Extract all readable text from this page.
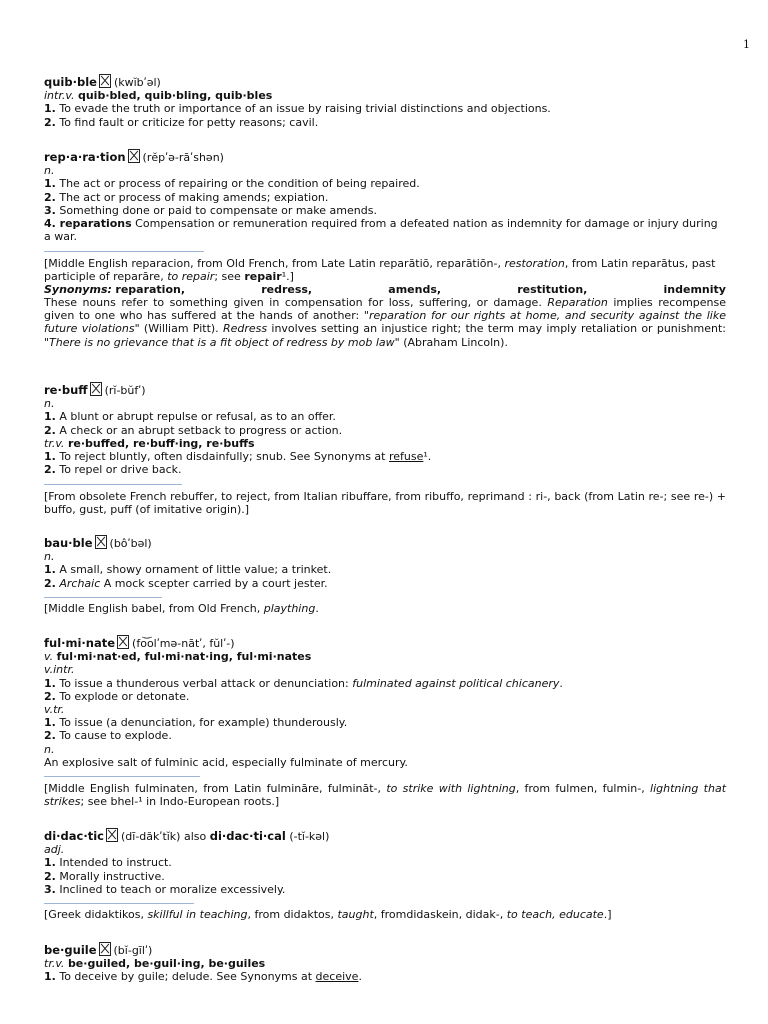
1
quib·ble (kwĭbʹəl)
intr.v. quib·bled, quib·bling, quib·bles
1. To evade the truth or importance of an issue by raising trivial distinctions and objections.
2. To find fault or criticize for petty reasons; cavil.
rep·a·ra·tion (rĕpʹə-rāʹshən)
n.
1. The act or process of repairing or the condition of being repaired.
2. The act or process of making amends; expiation.
3. Something done or paid to compensate or make amends.
4. reparations Compensation or remuneration required from a defeated nation as indemnity for damage or injury during a war.
[Middle English reparacion, from Old French, from Late Latin reparātiō, reparātiōn-, restoration, from Latin reparātus, past participle of reparāre, to repair; see repair¹.]
Synonyms: reparation,	redress,	amends,	restitution,	indemnity
These nouns refer to something given in compensation for loss, suffering, or damage. Reparation implies recompense given to one who has suffered at the hands of another: "reparation for our rights at home, and security against the like future violations" (William Pitt). Redress involves setting an injustice right; the term may imply retaliation or punishment: "There is no grievance that is a fit object of redress by mob law" (Abraham Lincoln).
re·buff (rĭ-bŭfʹ)
n.
1. A blunt or abrupt repulse or refusal, as to an offer.
2. A check or an abrupt setback to progress or action.
tr.v. re·buffed, re·buff·ing, re·buffs
1. To reject bluntly, often disdainfully; snub. See Synonyms at refuse¹.
2. To repel or drive back.
[From obsolete French rebuffer, to reject, from Italian ribuffare, from ribuffo, reprimand : ri-, back (from Latin re-; see re-) + buffo, gust, puff (of imitative origin).]
bau·ble (bôʹbəl)
n.
1. A small, showy ornament of little value; a trinket.
2. Archaic A mock scepter carried by a court jester.
[Middle English babel, from Old French, plaything.
ful·mi·nate (fo͝olʹmə-nātʹ, fŭlʹ-)
v. ful·mi·nat·ed, ful·mi·nat·ing, ful·mi·nates
v.intr.
1. To issue a thunderous verbal attack or denunciation: fulminated against political chicanery.
2. To explode or detonate.
v.tr.
1. To issue (a denunciation, for example) thunderously.
2. To cause to explode.
n.
An explosive salt of fulminic acid, especially fulminate of mercury.
[Middle English fulminaten, from Latin fulmināre, fulmināt-, to strike with lightning, from fulmen, fulmin-, lightning that strikes; see bhel-¹ in Indo-European roots.]
di·dac·tic (dī-dăkʹtĭk) also di·dac·ti·cal (-tĭ-kəl)
adj.
1. Intended to instruct.
2. Morally instructive.
3. Inclined to teach or moralize excessively.
[Greek didaktikos, skillful in teaching, from didaktos, taught, fromdidaskein, didak-, to teach, educate.]
be·guile (bĭ-gīlʹ)
tr.v. be·guiled, be·guil·ing, be·guiles
1. To deceive by guile; delude. See Synonyms at deceive.
